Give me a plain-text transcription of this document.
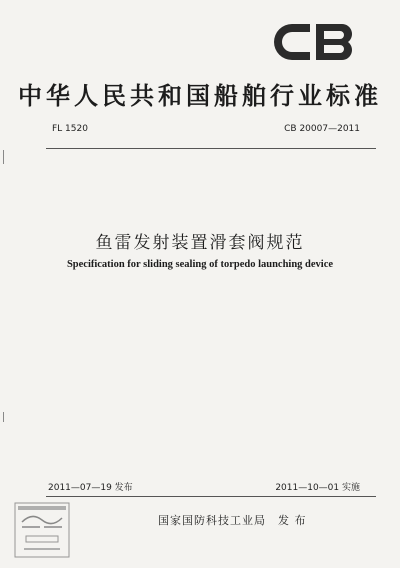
中华人民共和国船舶行业标准
FL 1520	CB 20007—2011
鱼雷发射装置滑套阀规范
Specification for sliding sealing of torpedo launching device
2011—07—19 发布	2011—10—01 实施
国家国防科技工业局　发 布
